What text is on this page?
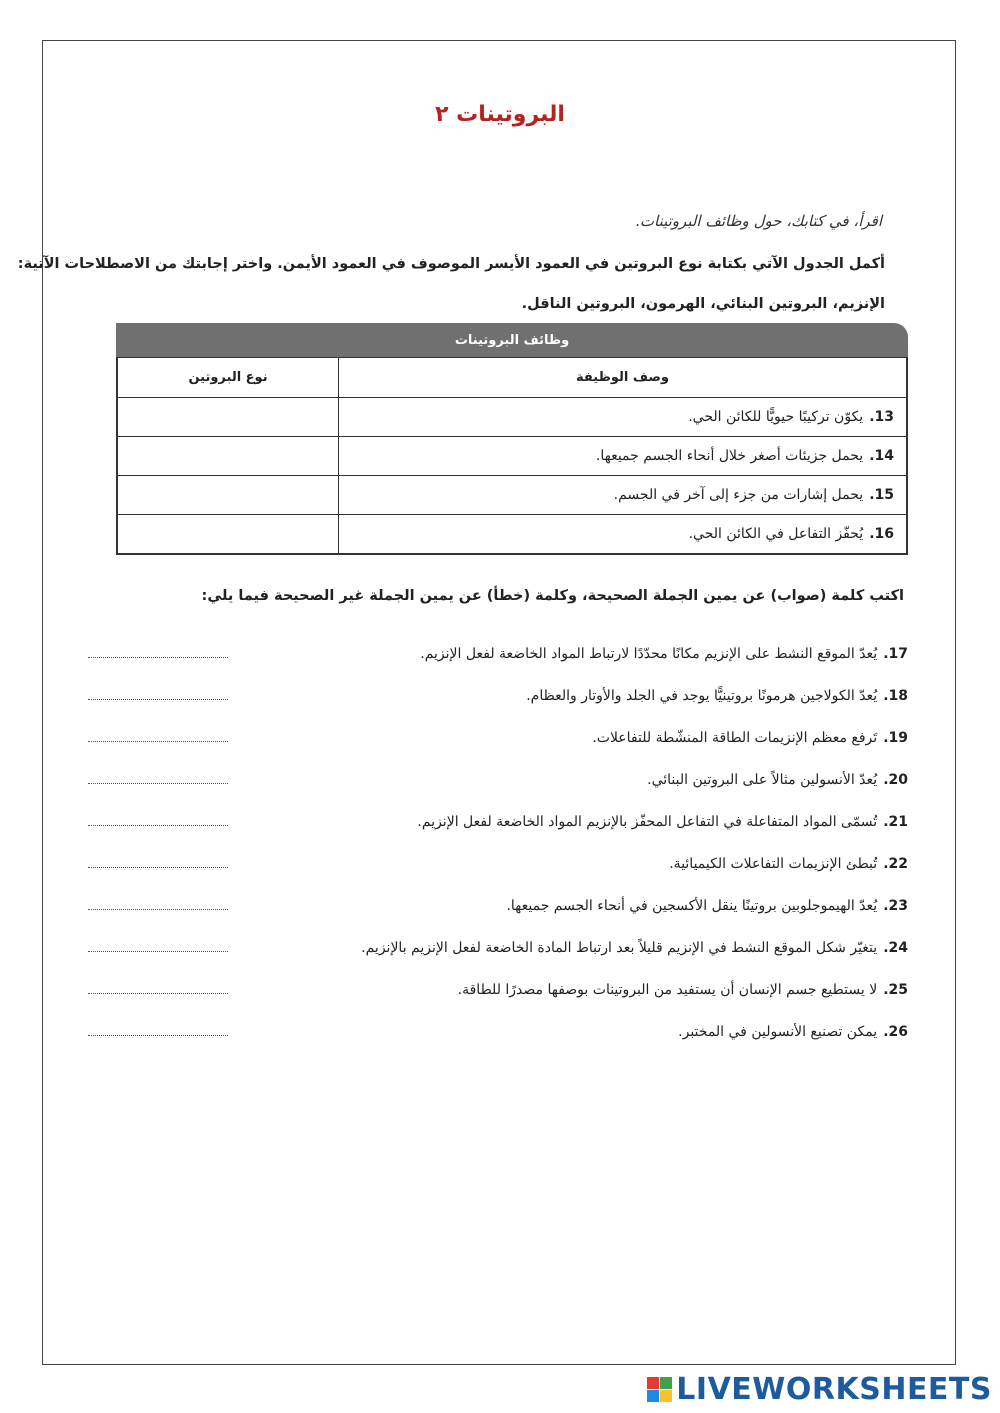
البروتينات ٢
اقرأ، في كتابك، حول وظائف البروتينات.
أكمل الجدول الآتي بكتابة نوع البروتين في العمود الأيسر الموصوف في العمود الأيمن. واختر إجابتك من الاصطلاحات الآتية:
الإنزيم، البروتين البنائي، الهرمون، البروتين الناقل.
وظائف البروتينات
وصف الوظيفة	نوع البروتين
13.يكوّن تركيبًا حيويًّا للكائن الحي.	
14.يحمل جزيئات أصغر خلال أنحاء الجسم جميعها.	
15.يحمل إشارات من جزء إلى آخر في الجسم.	
16.يُحفّز التفاعل في الكائن الحي.	
اكتب كلمة (صواب) عن يمين الجملة الصحيحة، وكلمة (خطأ) عن يمين الجملة غير الصحيحة فيما يلي:
17.
يُعدّ الموقع النشط على الإنزيم مكانًا محدّدًا لارتباط المواد الخاضعة لفعل الإنزيم.
18.
يُعدّ الكولاجين هرمونًا بروتينيًّا يوجد في الجلد والأوتار والعظام.
19.
تَرفع معظم الإنزيمات الطاقة المنشّطة للتفاعلات.
20.
يُعدّ الأنسولين مثالاً على البروتين البنائي.
21.
تُسمّى المواد المتفاعلة في التفاعل المحفّز بالإنزيم المواد الخاضعة لفعل الإنزيم.
22.
تُبطئ الإنزيمات التفاعلات الكيميائية.
23.
يُعدّ الهيموجلوبين بروتينًا ينقل الأكسجين في أنحاء الجسم جميعها.
24.
يتغيّر شكل الموقع النشط في الإنزيم قليلاً بعد ارتباط المادة الخاضعة لفعل الإنزيم بالإنزيم.
25.
لا يستطيع جسم الإنسان أن يستفيد من البروتينات بوصفها مصدرًا للطاقة.
26.
يمكن تصنيع الأنسولين في المختبر.
LIVEWORKSHEETS
